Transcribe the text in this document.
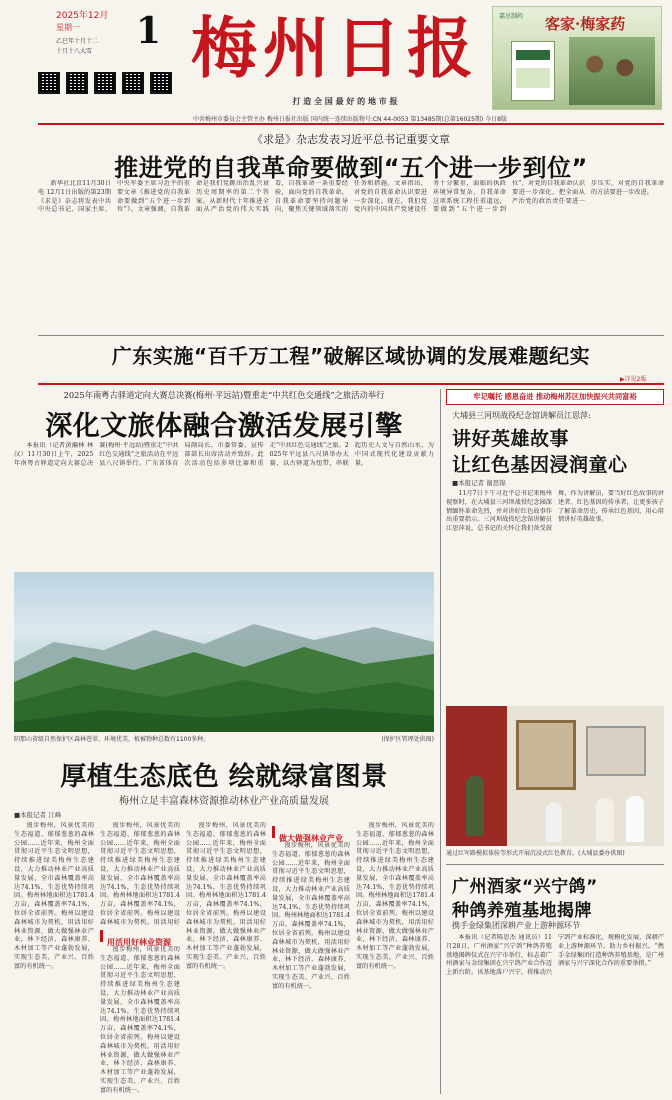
2025年12月
星期一
乙巳年十月十二
十月十八大雪 1 梅州日报
打 造 全 国 最 好 的 地 市 报
嘉应制药 客家·梅家药
中共梅州市委员会主管主办 梅州日报社出版 国内统一连续出版物号:CN 44-0053 第13485期(总第16025期) 今日8版
《求是》杂志发表习近平总书记重要文章
推进党的自我革命要做到“五个进一步到位”

新华社北京11月30日电 12月1日出版的第23期《求是》杂志将发表中共中央总书记、国家主席、中央军委主席习近平的重要文章《推进党的自我革命要做到“五个进一步到位”》。文章强调，自我革命是我们党跳出治乱兴衰历史周期率的第二个答案。从新时代十年推进全面从严治党的伟大实践看，自我革命一条重要经验，面向党的自我革命，自我革命要坚持问题导向，聚焦关键领域落实的任务和措施。文章指出，对党的自我革命认识要进一步深化。现在，我们党党内的中国共产党建设任务十分繁重，面临的执政环境异常复杂，自我革命这项系统工程任重道远，要做到“五个进一步到位”，对党的自我革命认识要进一步深化，把全面从严治党的政治责任要进一步压实，对党的自我革命的方法要进一步改进。

广东实施“百千万工程”破解区域协调的发展难题纪实
▶详见2版
2025年南粤古驿道定向大赛总决赛(梅州·平远站)暨重走“中共红色交通线”之旅活动举行
深化文旅体融合激活发展引擎

本报讯（记者黄瀚林 林汉）11月30日上午，2025年南粤古驿道定向大赛总决赛(梅州·平远站)暨重走“中共红色交通线”之旅活动在平远县八尺镇举行。广东省体育局副局长，市委常委、宣传部部长出席活动并致辞。此次活动包括多项比赛和重走“中共红色交通线”之旅。2025年平远县八尺镇举办大赛，以古驿道为纽带，串联起历史人文与自然山水，为中国式现代化建设贡献力量。

阴那山省级自然保护区森林苍翠、环境优美，植被物种总数有1100多种。	(保护区管理处供图)
厚植生态底色 绘就绿富图景
梅州立足丰富森林资源推动林业产业高质量发展
■本报记者 江峰

漫步梅州，风景优美的生态福道、郁郁葱葱的森林公园……近年来，梅州全面贯彻习近平生态文明思想，持续推进绿美梅州生态建设，大力推动林业产业高质量发展，全市森林覆盖率高达74.1%，生态优势持续巩固。梅州林地面积达1781.4万亩，森林覆盖率74.1%，位居全省前列。梅州以建设森林城市为契机，用活用好林业资源，做大做强林业产业，林下经济、森林康养、木材加工等产业蓬勃发展，实现生态美、产业兴、百姓富的有机统一。

用活用好林业资源

漫步梅州，风景优美的生态福道、郁郁葱葱的森林公园……近年来，梅州全面贯彻习近平生态文明思想，持续推进绿美梅州生态建设，大力推动林业产业高质量发展，全市森林覆盖率高达74.1%，生态优势持续巩固。梅州林地面积达1781.4万亩，森林覆盖率74.1%，位居全省前列。梅州以建设森林城市为契机，用活用好

漫步梅州，风景优美的生态福道、郁郁葱葱的森林公园……近年来，梅州全面贯彻习近平生态文明思想，持续推进绿美梅州生态建设，大力推动林业产业高质量发展，全市森林覆盖率高达74.1%，生态优势持续巩固。梅州林地面积达1781.4万亩，森林覆盖率74.1%，位居全省前列。梅州以建设森林城市为契机，用活用好林业资源，做大做强林业产业，林下经济、森林康养、木材加工等产业蓬勃发展，实现生态美、产业兴、百姓富的有机统一。

漫步梅州，风景优美的生态福道、郁郁葱葱的森林公园……近年来，梅州全面贯彻习近平生态文明思想，持续推进绿美梅州生态建设，大力推动林业产业高质量发展，全市森林覆盖率高达74.1%，生态优势持续巩固。梅州林地面积达1781.4万亩，森林覆盖率74.1%，位居全省前列。梅州以建设森林城市为契机，用活用好林业资源，做大做强林业产业，林下经济、森林康养、木材加工等产业蓬勃发展，实现生态美、产业兴、百姓富的有机统一。

做大做强林业产业

漫步梅州，风景优美的生态福道、郁郁葱葱的森林公园……近年来，梅州全面贯彻习近平生态文明思想，持续推进绿美梅州生态建设，大力推动林业产业高质量发展，全市森林覆盖率高达74.1%，生态优势持续巩固。梅州林地面积达1781.4万亩，森林覆盖率74.1%，位居全省前列。梅州以建设森林城市为契机，用活用好林业资源，做大做强林业产业，林下经济、森林康养、木材加工等产业蓬勃发展，实现生态美、产业兴、百姓富的有机统一。

漫步梅州，风景优美的生态福道、郁郁葱葱的森林公园……近年来，梅州全面贯彻习近平生态文明思想，持续推进绿美梅州生态建设，大力推动林业产业高质量发展，全市森林覆盖率高达74.1%，生态优势持续巩固。梅州林地面积达1781.4万亩，森林覆盖率74.1%，位居全省前列。梅州以建设森林城市为契机，用活用好林业资源，做大做强林业产业，林下经济、森林康养、木材加工等产业蓬勃发展，实现生态美、产业兴、百姓富的有机统一。

牢记嘱托 感恩奋进 推动梅州苏区加快振兴共同富裕
大埔县三河坝战役纪念馆讲解员江思萍:
讲好英雄故事
让红色基因浸润童心
■本报记者 谢思锦

11月7日下午习近平总书记来梅州视察时，在大埔县三河坝战役纪念园深情缅怀革命先烈，并对讲好红色故事作出重要指示。三河坝战役纪念馆讲解员江思萍说，总书记的关怀让我们备受鼓舞，作为讲解员，要当好红色故事的讲述者、红色基因的传承者，让更多孩子了解革命历史，传承红色基因，用心用情讲好英雄故事。

通过红军路模拟体验等形式开展沉浸式红色教育。(大埔县委办供图)
广州酒家“兴宁鸽”
种鸽养殖基地揭牌
携手金绿集团深耕产业上游种源环节

本报讯（记者陈思杰 通讯员）11月28日，广州酒家“兴宁鸽”种鸽养殖基地揭牌仪式在兴宁市举行，标志着广州酒家与金绿集团在兴宁鸽产业合作迈上新台阶。该基地落户兴宁，将推动兴宁鸽产业标准化、规模化发展，深耕产业上游种源环节，助力乡村振兴。“携手金绿集团打造种鸽养殖基地，是广州酒家与兴宁深化合作的重要举措。”
